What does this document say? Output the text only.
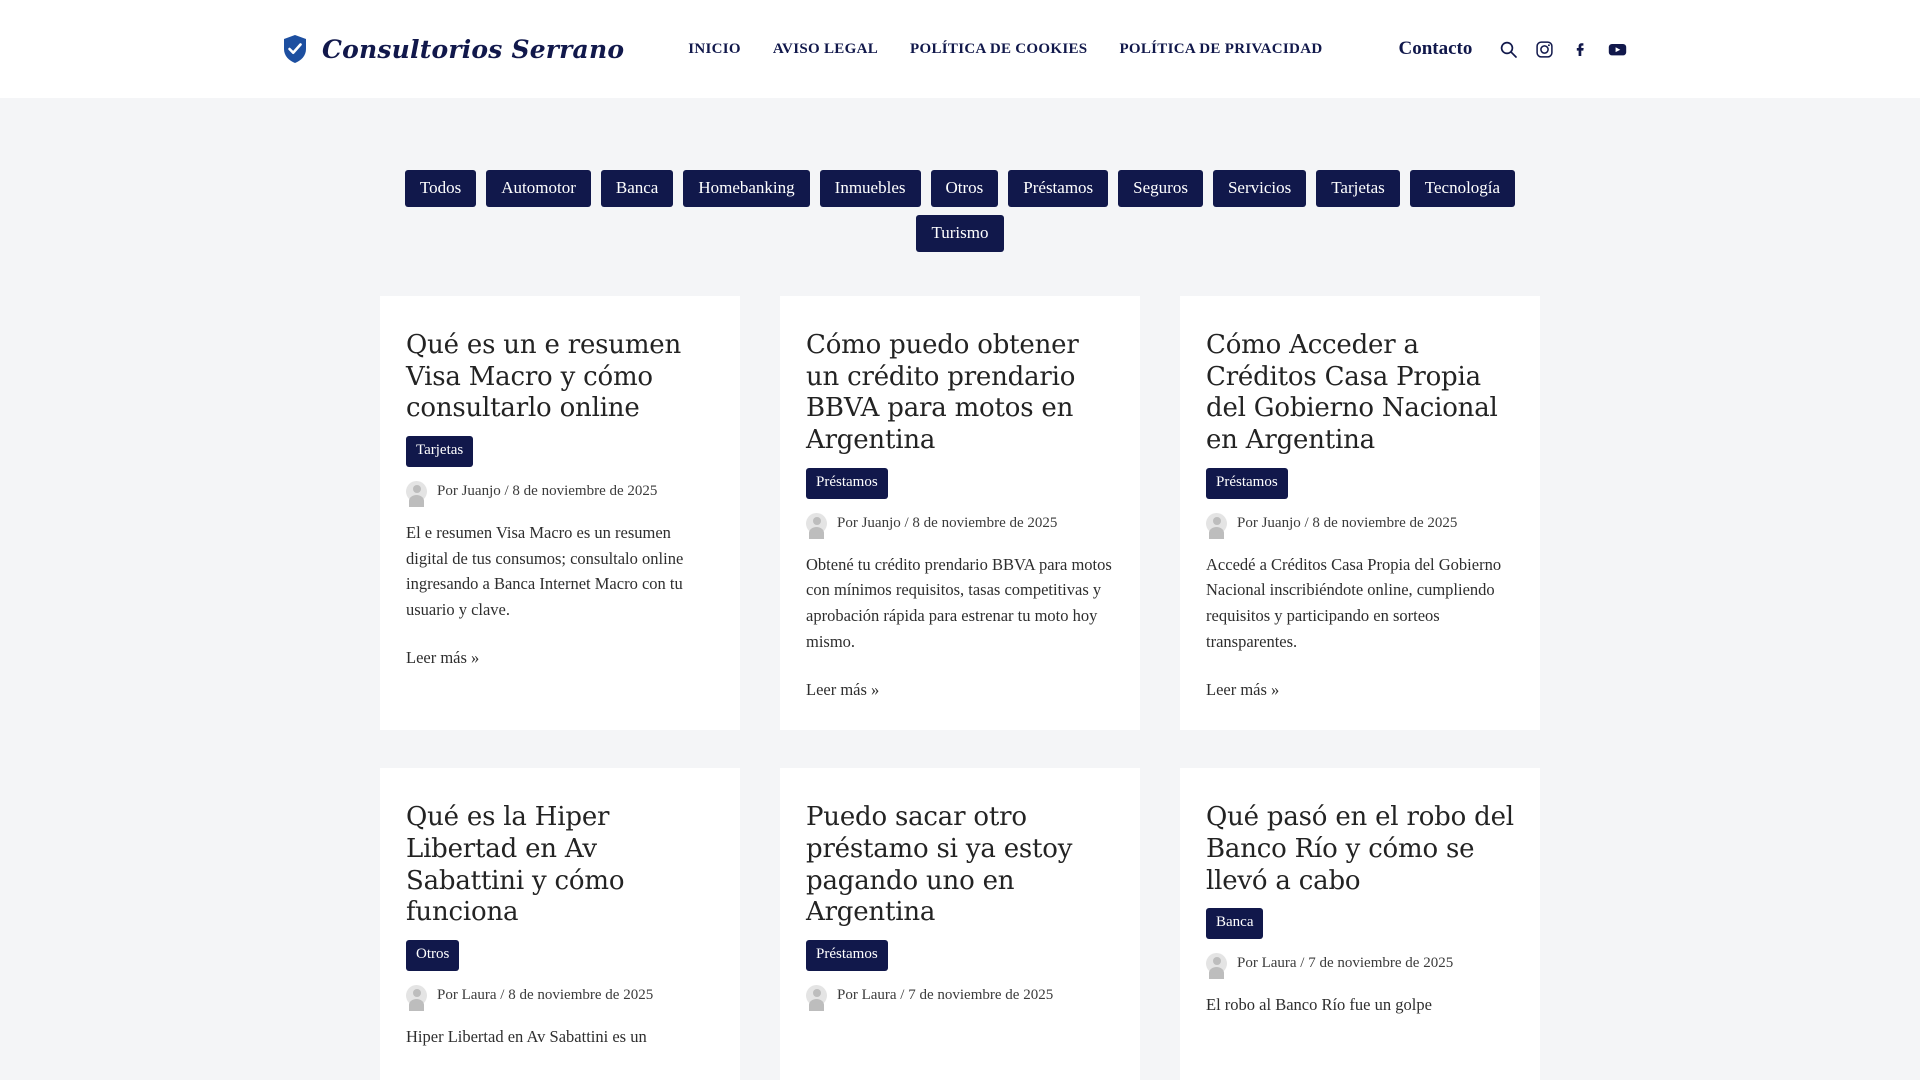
Consultorios Serrano	INICIO	AVISO LEGAL	POLÍTICA DE COOKIES	POLÍTICA DE PRIVACIDAD	Contacto
Todos	Automotor	Banca	Homebanking	Inmuebles	Otros	Préstamos	Seguros	Servicios	Tarjetas	Tecnología
Turismo
Qué es un e resumen Visa Macro y cómo consultarlo online
Tarjetas
Por Juanjo / 8 de noviembre de 2025

El e resumen Visa Macro es un resumen digital de tus consumos; consultalo online ingresando a Banca Internet Macro con tu usuario y clave.

Leer más »
Cómo puedo obtener un crédito prendario BBVA para motos en Argentina
Préstamos
Por Juanjo / 8 de noviembre de 2025

Obtené tu crédito prendario BBVA para motos con mínimos requisitos, tasas competitivas y aprobación rápida para estrenar tu moto hoy mismo.

Leer más »
Cómo Acceder a Créditos Casa Propia del Gobierno Nacional en Argentina
Préstamos
Por Juanjo / 8 de noviembre de 2025

Accedé a Créditos Casa Propia del Gobierno Nacional inscribiéndote online, cumpliendo requisitos y participando en sorteos transparentes.

Leer más »
Qué es la Hiper Libertad en Av Sabattini y cómo funciona
Otros
Por Laura / 8 de noviembre de 2025

Hiper Libertad en Av Sabattini es un

Puedo sacar otro préstamo si ya estoy pagando uno en Argentina
Préstamos
Por Laura / 7 de noviembre de 2025

Qué pasó en el robo del Banco Río y cómo se llevó a cabo
Banca
Por Laura / 7 de noviembre de 2025

El robo al Banco Río fue un golpe
